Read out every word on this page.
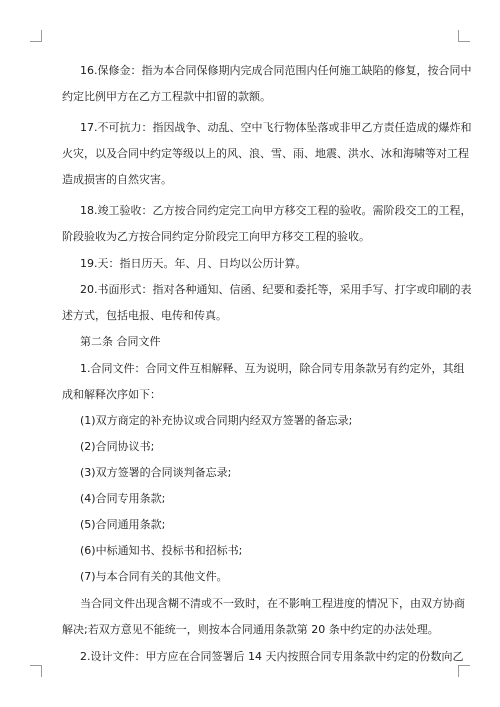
16.保修金：指为本合同保修期内完成合同范围内任何施工缺陷的修复，按合同中
约定比例甲方在乙方工程款中扣留的款额。
17.不可抗力：指因战争、动乱、空中飞行物体坠落或非甲乙方责任造成的爆炸和
火灾，以及合同中约定等级以上的风、浪、雪、雨、地震、洪水、冰和海啸等对工程
造成损害的自然灾害。
18.竣工验收：乙方按合同约定完工向甲方移交工程的验收。需阶段交工的工程，
阶段验收为乙方按合同约定分阶段完工向甲方移交工程的验收。
19.天：指日历天。年、月、日均以公历计算。
20.书面形式：指对各种通知、信函、纪要和委托等，采用手写、打字或印刷的表
述方式，包括电报、电传和传真。
第二条 合同文件
1.合同文件：合同文件互相解释、互为说明，除合同专用条款另有约定外，其组
成和解释次序如下：
(1)双方商定的补充协议或合同期内经双方签署的备忘录;
(2)合同协议书;
(3)双方签署的合同谈判备忘录;
(4)合同专用条款;
(5)合同通用条款;
(6)中标通知书、投标书和招标书;
(7)与本合同有关的其他文件。
当合同文件出现含糊不清或不一致时，在不影响工程进度的情况下，由双方协商
解决;若双方意见不能统一，则按本合同通用条款第 20 条中约定的办法处理。
2.设计文件：甲方应在合同签署后 14 天内按照合同专用条款中约定的份数向乙
